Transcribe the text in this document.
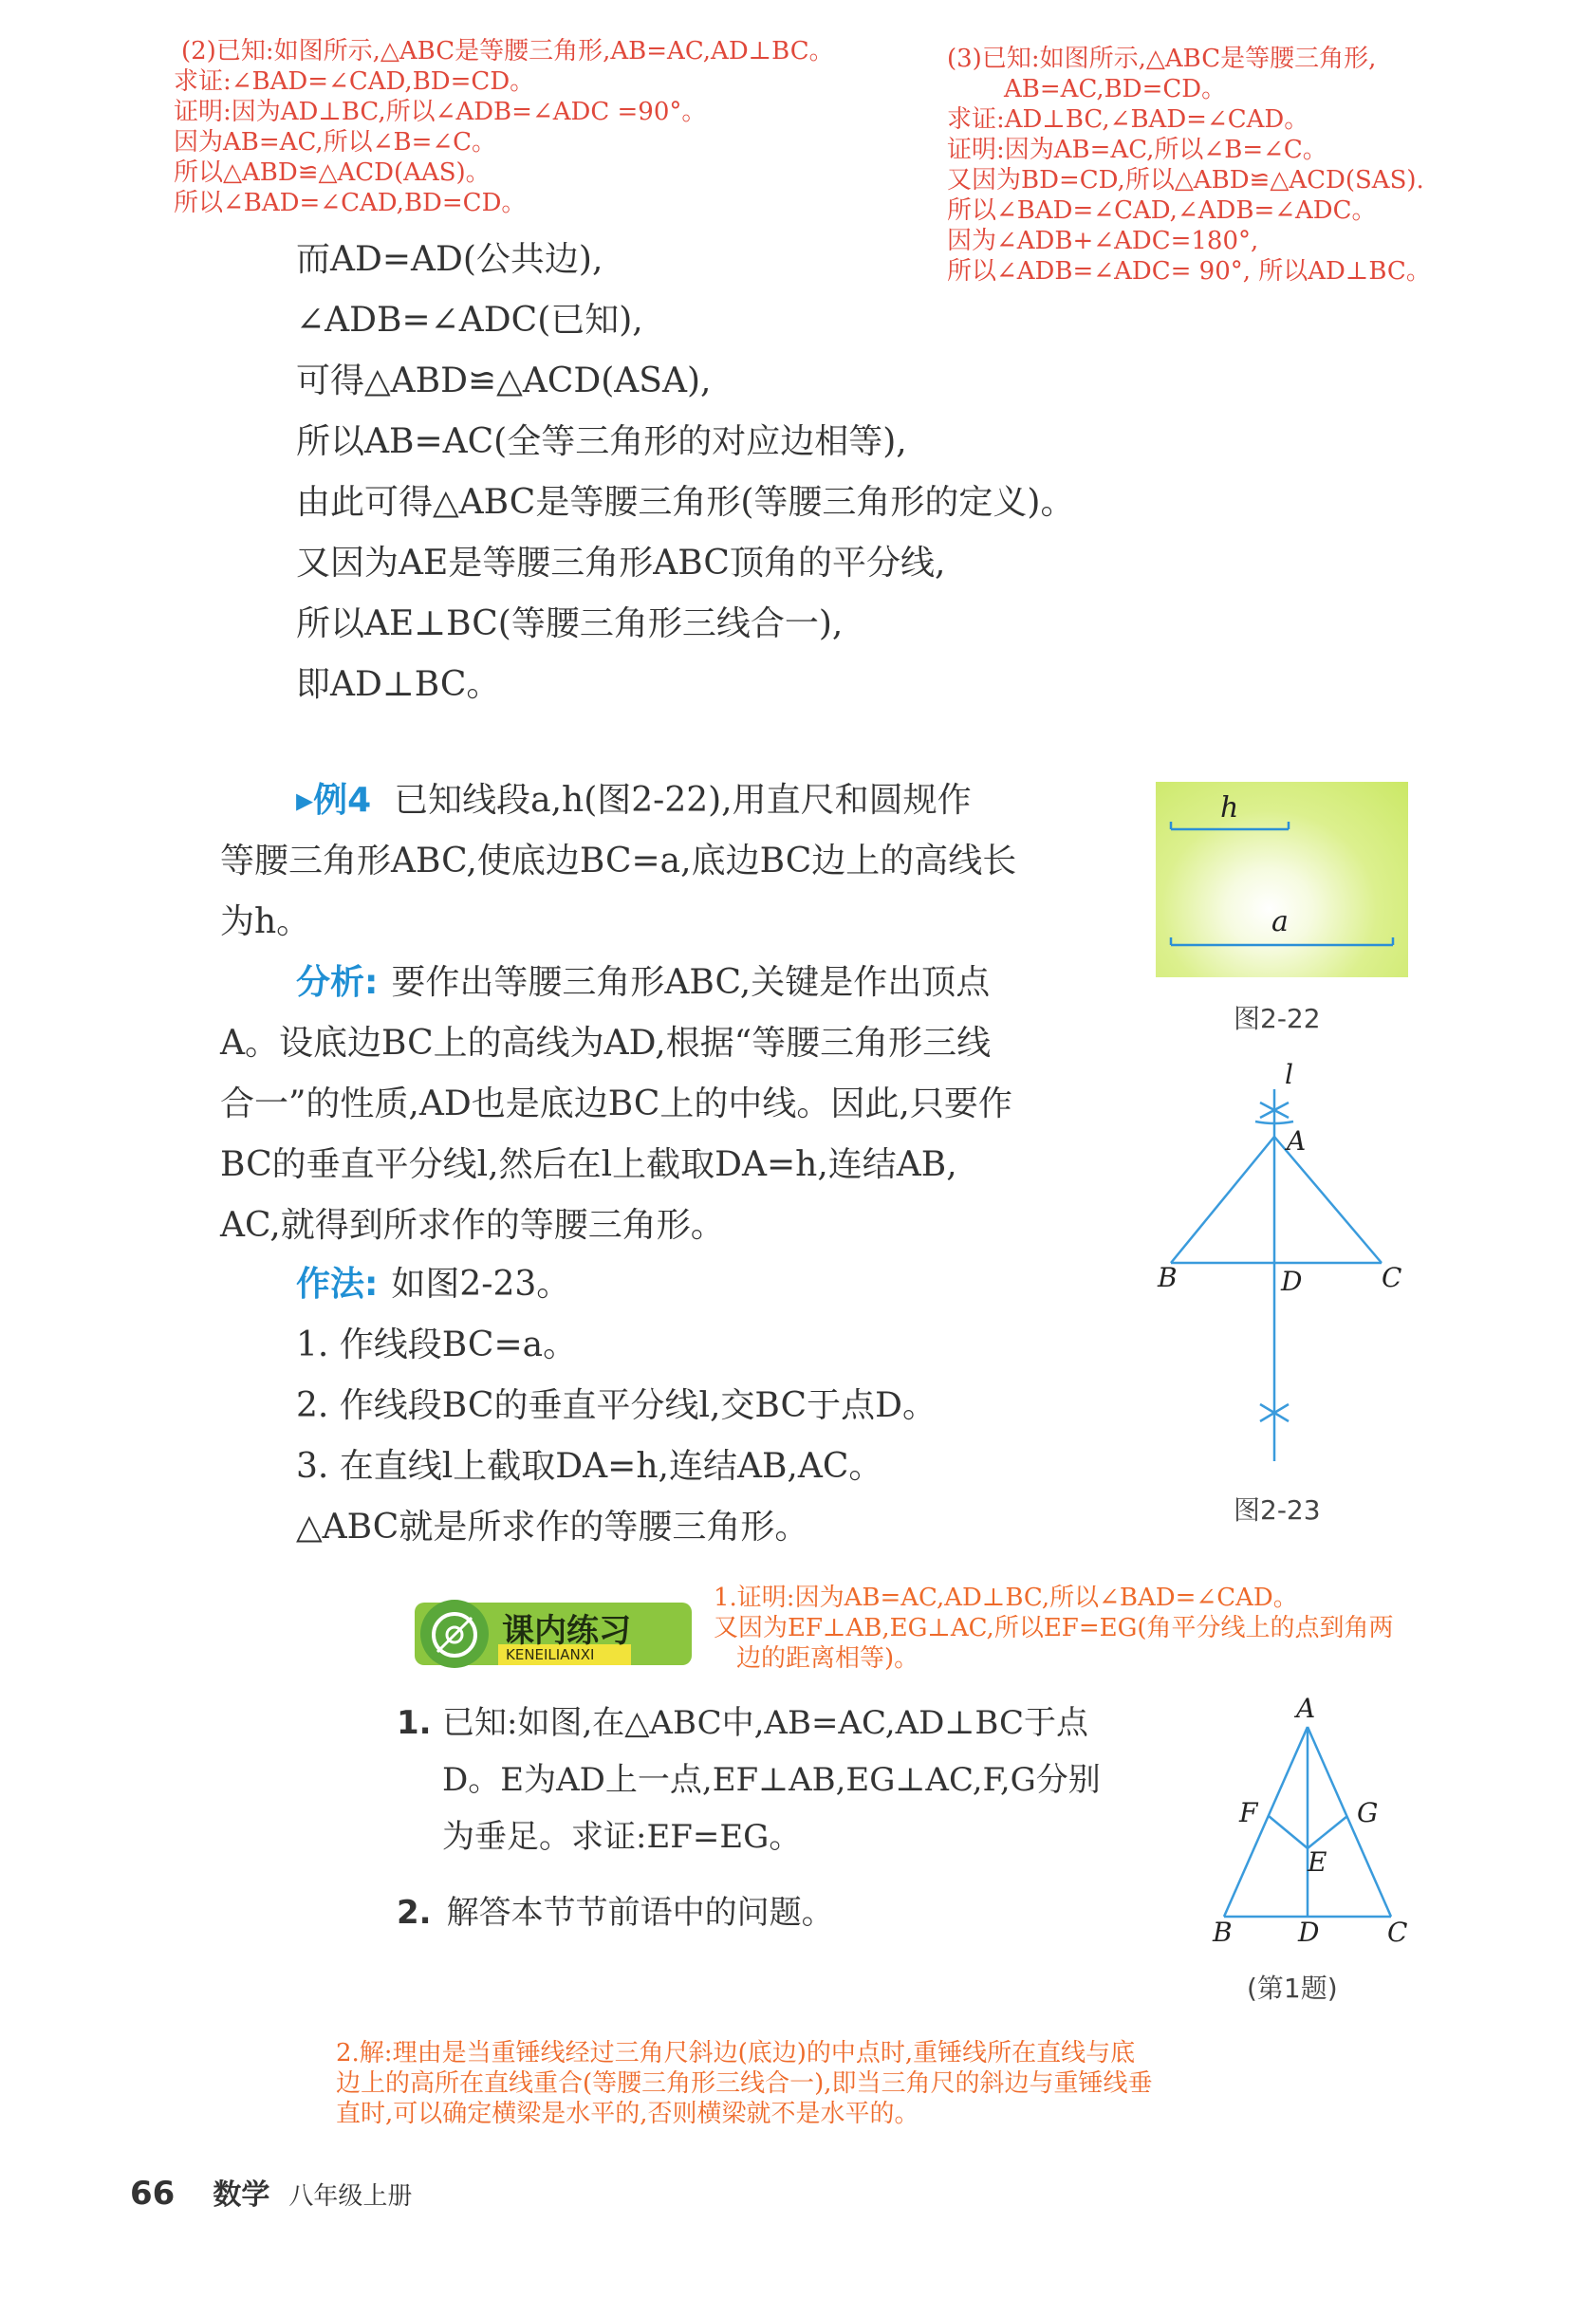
(2)已知:如图所示,△ABC是等腰三角形,AB=AC,AD⊥BC。
求证:∠BAD=∠CAD,BD=CD。
证明:因为AD⊥BC,所以∠ADB=∠ADC =90°。
因为AB=AC,所以∠B=∠C。
所以△ABD≌△ACD(AAS)。
所以∠BAD=∠CAD,BD=CD。
(3)已知:如图所示,△ABC是等腰三角形,
AB=AC,BD=CD。
求证:AD⊥BC,∠BAD=∠CAD。
证明:因为AB=AC,所以∠B=∠C。
又因为BD=CD,所以△ABD≌△ACD(SAS).
所以∠BAD=∠CAD,∠ADB=∠ADC。
因为∠ADB+∠ADC=180°,
所以∠ADB=∠ADC= 90°, 所以AD⊥BC。
而AD=AD(公共边),
∠ADB=∠ADC(已知),
可得△ABD≌△ACD(ASA),
所以AB=AC(全等三角形的对应边相等),
由此可得△ABC是等腰三角形(等腰三角形的定义)。
又因为AE是等腰三角形ABC顶角的平分线,
所以AE⊥BC(等腰三角形三线合一),
即AD⊥BC。
▸例4 已知线段a,h(图2-22),用直尺和圆规作
等腰三角形ABC,使底边BC=a,底边BC边上的高线长
为h。
分析: 要作出等腰三角形ABC,关键是作出顶点
A。设底边BC上的高线为AD,根据“等腰三角形三线
合一”的性质,AD也是底边BC上的中线。因此,只要作
BC的垂直平分线l,然后在l上截取DA=h,连结AB,
AC,就得到所求作的等腰三角形。
作法: 如图2-23。
1. 作线段BC=a。
2. 作线段BC的垂直平分线l,交BC于点D。
3. 在直线l上截取DA=h,连结AB,AC。
△ABC就是所求作的等腰三角形。
h
a
图2-22
l
A
B	D	C
图2-23
课内练习
KENEILIANXI
1.证明:因为AB=AC,AD⊥BC,所以∠BAD=∠CAD。
又因为EF⊥AB,EG⊥AC,所以EF=EG(角平分线上的点到角两
边的距离相等)。
1. 已知:如图,在△ABC中,AB=AC,AD⊥BC于点
D。E为AD上一点,EF⊥AB,EG⊥AC,F,G分别
为垂足。求证:EF=EG。
2. 解答本节节前语中的问题。
A
F	G
E
B D	C
(第1题)
2.解:理由是当重锤线经过三角尺斜边(底边)的中点时,重锤线所在直线与底
边上的高所在直线重合(等腰三角形三线合一),即当三角尺的斜边与重锤线垂
直时,可以确定横梁是水平的,否则横梁就不是水平的。
66 数学 八年级上册
